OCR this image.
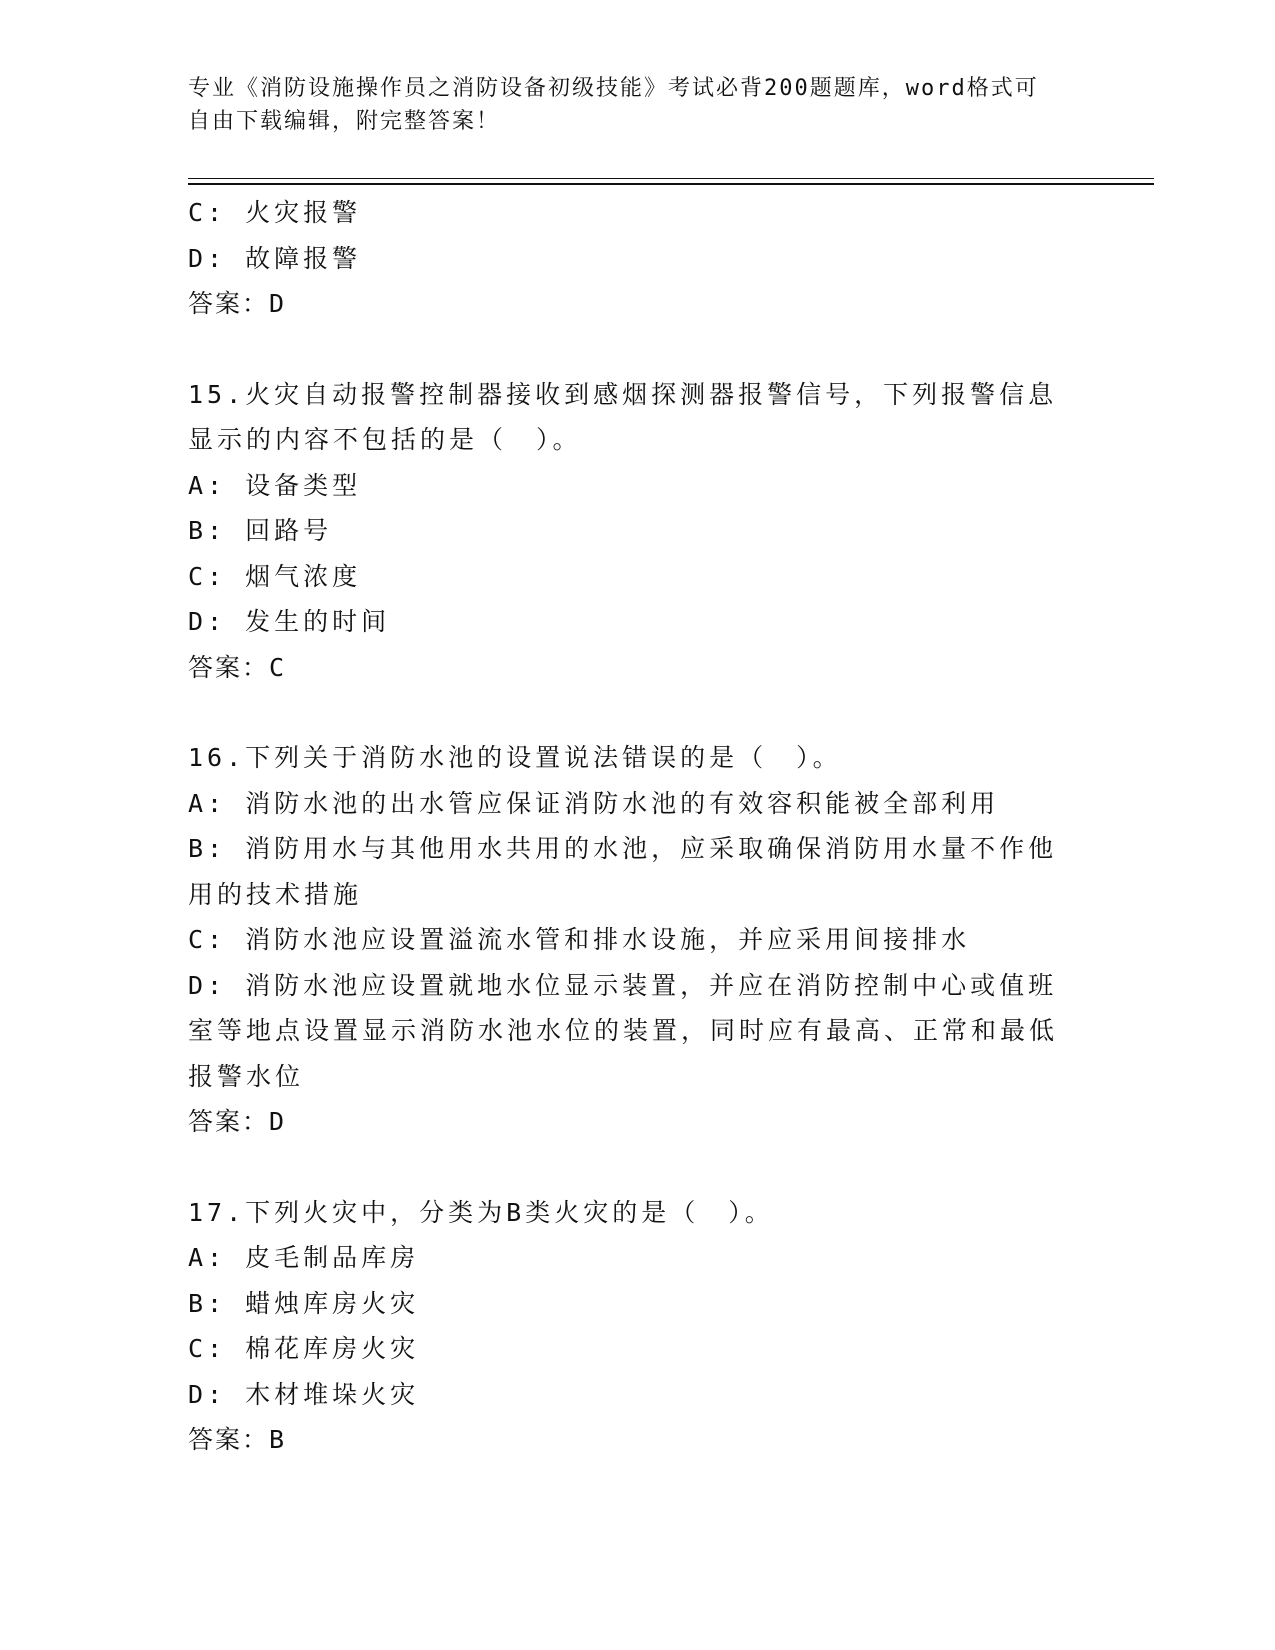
专业《消防设施操作员之消防设备初级技能》考试必背200题题库，word格式可
自由下载编辑，附完整答案！
C: 火灾报警
D: 故障报警
答案：D
15.火灾自动报警控制器接收到感烟探测器报警信号，下列报警信息显示的内容不包括的是（　）。
A: 设备类型
B: 回路号
C: 烟气浓度
D: 发生的时间
答案：C
16.下列关于消防水池的设置说法错误的是（　）。
A: 消防水池的出水管应保证消防水池的有效容积能被全部利用
B: 消防用水与其他用水共用的水池，应采取确保消防用水量不作他用的技术措施
C: 消防水池应设置溢流水管和排水设施，并应采用间接排水
D: 消防水池应设置就地水位显示装置，并应在消防控制中心或值班室等地点设置显示消防水池水位的装置，同时应有最高、正常和最低报警水位
答案：D
17.下列火灾中，分类为B类火灾的是（　）。
A: 皮毛制品库房
B: 蜡烛库房火灾
C: 棉花库房火灾
D: 木材堆垛火灾
答案：B
